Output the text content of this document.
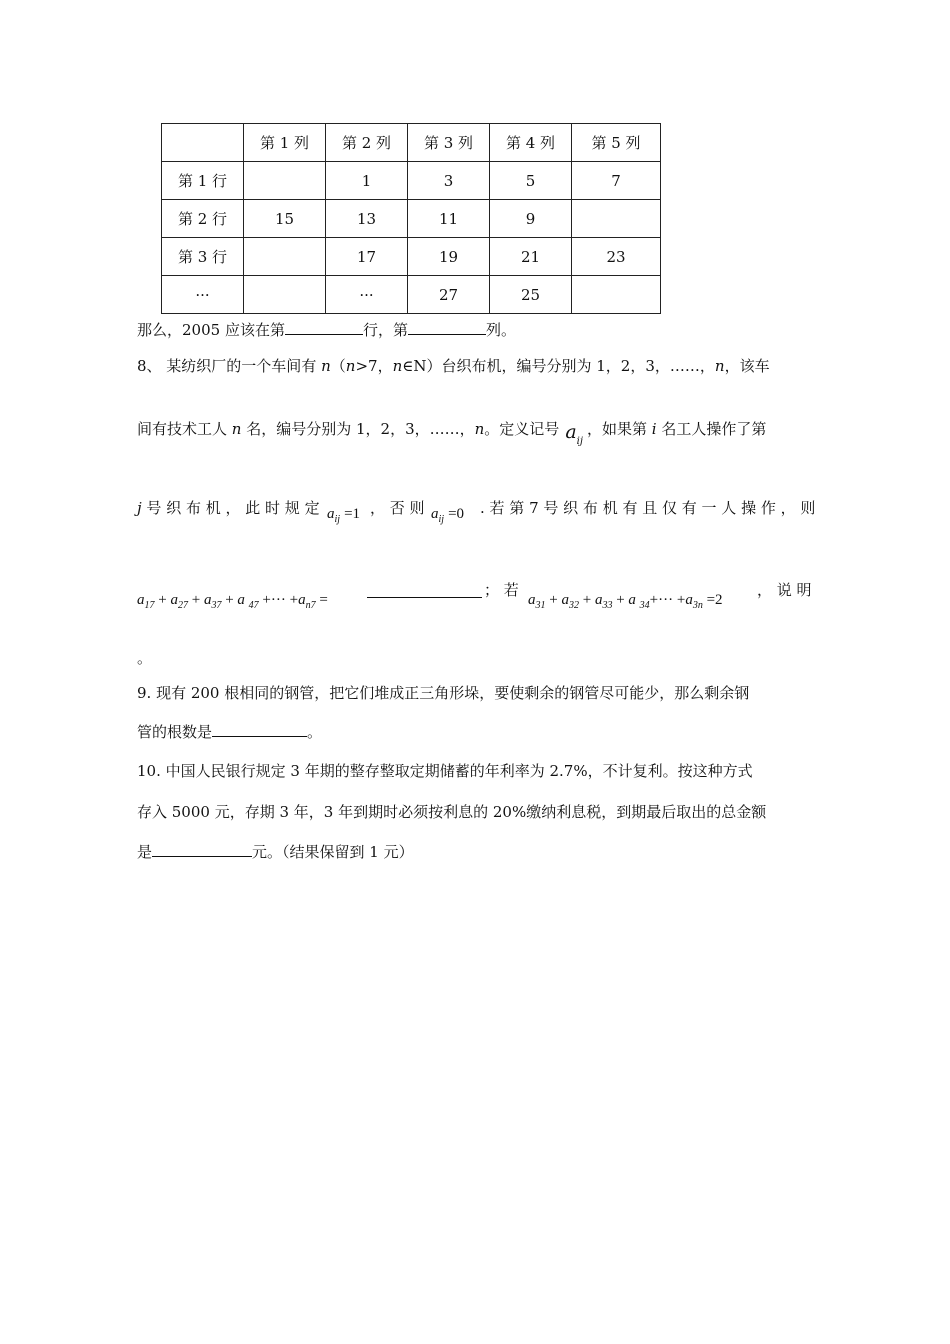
	第 1 列	第 2 列	第 3 列	第 4 列	第 5 列
第 1 行		1	3	5	7
第 2 行	15	13	11	9	
第 3 行		17	19	21	23
···		···	27	25	
那么，2005 应该在第	行，第	列。
8、 某纺织厂的一个车间有 n（n>7，n∈N）台织布机，编号分别为 1，2，3，……，n，该车
间有技术工人 n 名，编号分别为 1，2，3，……，n。定义记号 $a_{ij}$，如果第 i 名工人操作了第
j 号 织 布 机 ， 此 时 规 定 $a_{ij} =1$ ， 否 则 $a_{ij} =0$ . 若 第 7 号 织 布 机 有 且 仅 有 一 人 操 作 ， 则
$a_{17} + a_{27} + a_{37} + a$ $_{47}$ +··· $+a_{n7}$ =
； 若
$a_{31} + a_{32} + a_{33} + a$ $_{34}+\cdot\cdot\cdot +a_{3n} =2$
， 说 明
。
9. 现有 200 根相同的钢管，把它们堆成正三角形垛，要使剩余的钢管尽可能少，那么剩余钢
管的根数是	。
10. 中国人民银行规定 3 年期的整存整取定期储蓄的年利率为 2.7%，不计复利。按这种方式
存入 5000 元，存期 3 年，3 年到期时必须按利息的 20%缴纳利息税，到期最后取出的总金额
是	元。（结果保留到 1 元）
